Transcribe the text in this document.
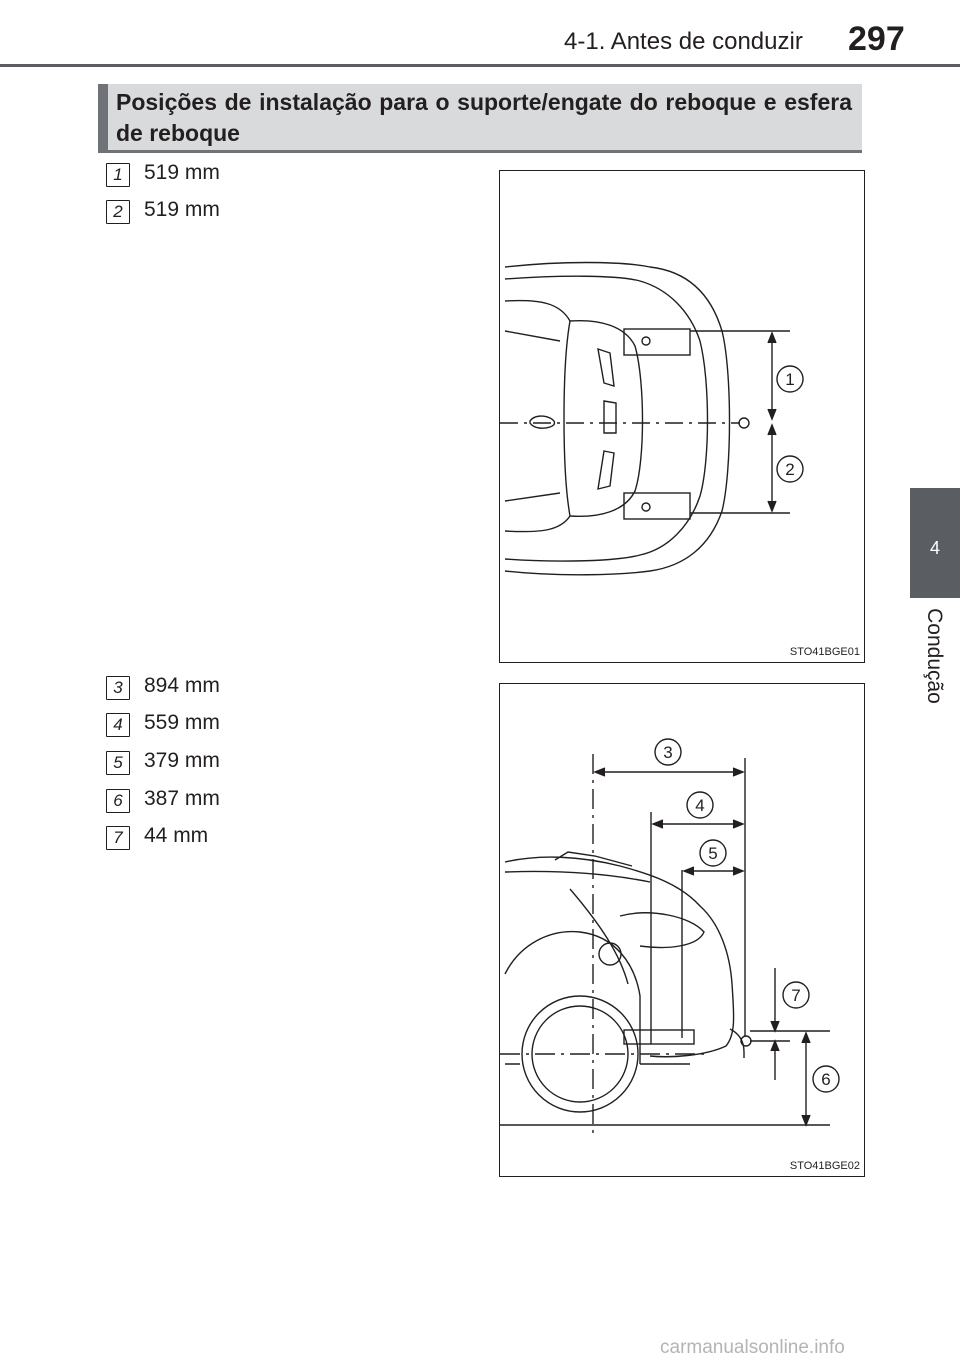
4-1. Antes de conduzir 297
4
Condução
Posições de instalação para o suporte/engate do reboque e esfera de reboque
1	519 mm
2	519 mm
3	894 mm
4	559 mm
5	379 mm
6	387 mm
7	44 mm
1
2
STO41BGE01
3
4
5
7
6
STO41BGE02
carmanualsonline.info
